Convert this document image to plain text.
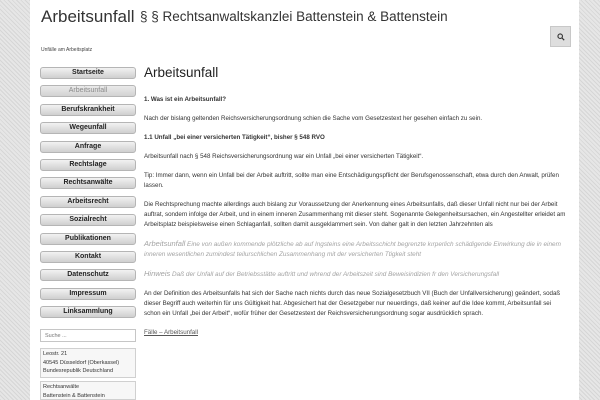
Arbeitsunfall § § Rechtsanwaltskanzlei Battenstein & Battenstein
Unfälle am Arbeitsplatz
Startseite
Arbeitsunfall
Berufskrankheit
Wegeunfall
Anfrage
Rechtslage
Rechtsanwälte
Arbeitsrecht
Sozialrecht
Publikationen
Kontakt
Datenschutz
Impressum
Linksammlung
Suche ...
Leostr. 21
40545 Düsseldorf (Oberkassel)
Bundesrepublik Deutschland
Rechtsanwälte
Battenstein & Battenstein
Arbeitsunfall

1. Was ist ein Arbeitsunfall?

Nach der bislang geltenden Reichsversicherungsordnung schien die Sache vom Gesetzestext her gesehen einfach zu sein.

1.1 Unfall „bei einer versicherten Tätigkeit“, bisher § 548 RVO

Arbeitsunfall nach § 548 Reichsversicherungsordnung war ein Unfall „bei einer versicherten Tätigkeit“.

Tip: Immer dann, wenn ein Unfall bei der Arbeit auftritt, sollte man eine Entschädigungspflicht der Berufsgenossenschaft, etwa durch den Anwalt, prüfen lassen.

Die Rechtsprechung machte allerdings auch bislang zur Voraussetzung der Anerkennung eines Arbeitsunfalls, daß dieser Unfall nicht nur bei der Arbeit auftrat, sondern infolge der Arbeit, und in einem inneren Zusammenhang mit dieser steht. Sogenannte Gelegenheitsursachen, ein Angestellter erleidet am Arbeitsplatz beispielsweise einen Schlaganfall, sollten damit ausgeklammert sein. Von daher galt in den letzten Jahrzehnten als

Arbeitsunfall Eine von außen kommende plötzliche ab auf Ingsteins eine Arbeitsschicht begrenzte kırperlich schädigende Einwirkung die in einem inneren wesentlichen zumindest teilurschlichen Zusammenhang mit der versicherten Ttigkeit steht

Hinweis Daß der Unfall auf der Betriebsstätte auftritt und whrend der Arbeitszeit sind Beweisindizien fr den Versicherungsfall

An der Definition des Arbeitsunfalls hat sich der Sache nach nichts durch das neue Sozialgesetzbuch VII (Buch der Unfallversicherung) geändert, sodaß dieser Begriff auch weiterhin für uns Gültigkeit hat. Abgesichert hat der Gesetzgeber nur neuerdings, daß keiner auf die Idee kommt, Arbeitsunfall sei schon ein Unfall „bei der Arbeit“, wofür früher der Gesetzestext der Reichsversicherungsordnung sogar ausdrücklich sprach.

Fälle – Arbeitsunfall
